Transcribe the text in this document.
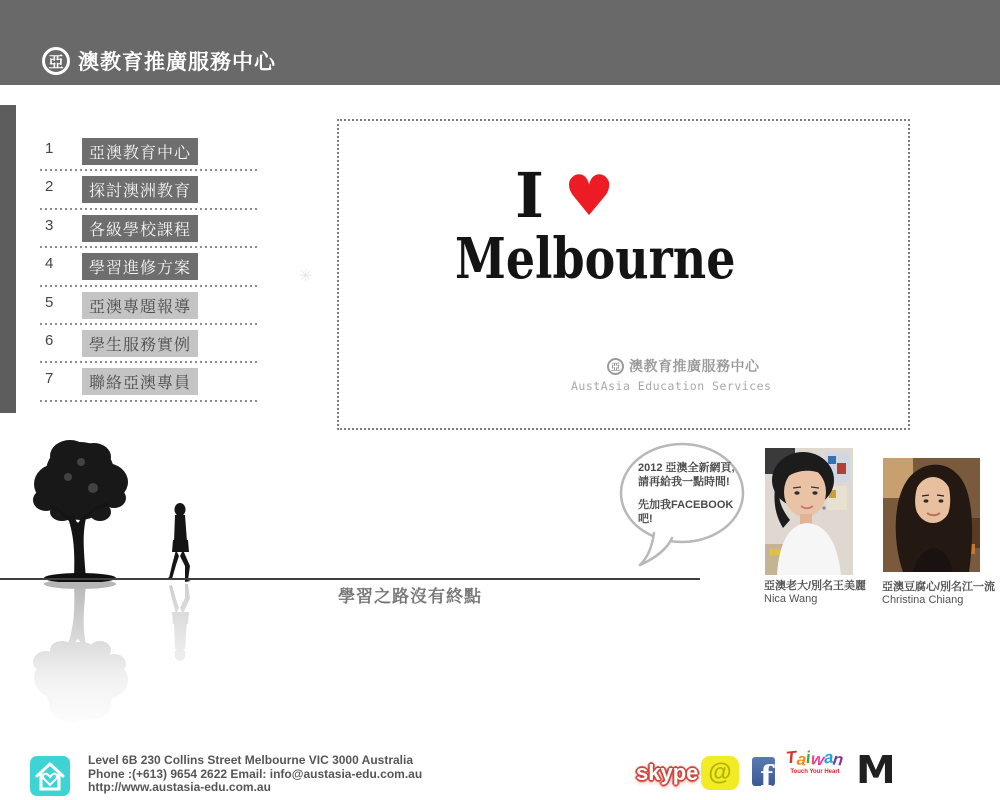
亞 澳教育推廣服務中心
1	亞澳教育中心
2	探討澳洲教育
3	各級學校課程
4	學習進修方案
5	亞澳專題報導
6	學生服務實例
7	聯絡亞澳專員
✳
I ♥
Melbourne
亞 澳教育推廣服務中心
AustAsia Education Services
學習之路沒有終點
2012 亞澳全新網頁,
請再給我一點時間!
先加我FACEBOOK吧!
亞澳老大/別名王美麗
Nica Wang
亞澳豆腐心/別名江一流
Christina Chiang
Level 6B 230 Collins Street Melbourne VIC 3000 Australia
Phone :(+613) 9654 2622 Email: info@austasia-edu.com.au
http://www.austasia-edu.com.au
skype @ f
Taiwan
Touch Your Heart M
